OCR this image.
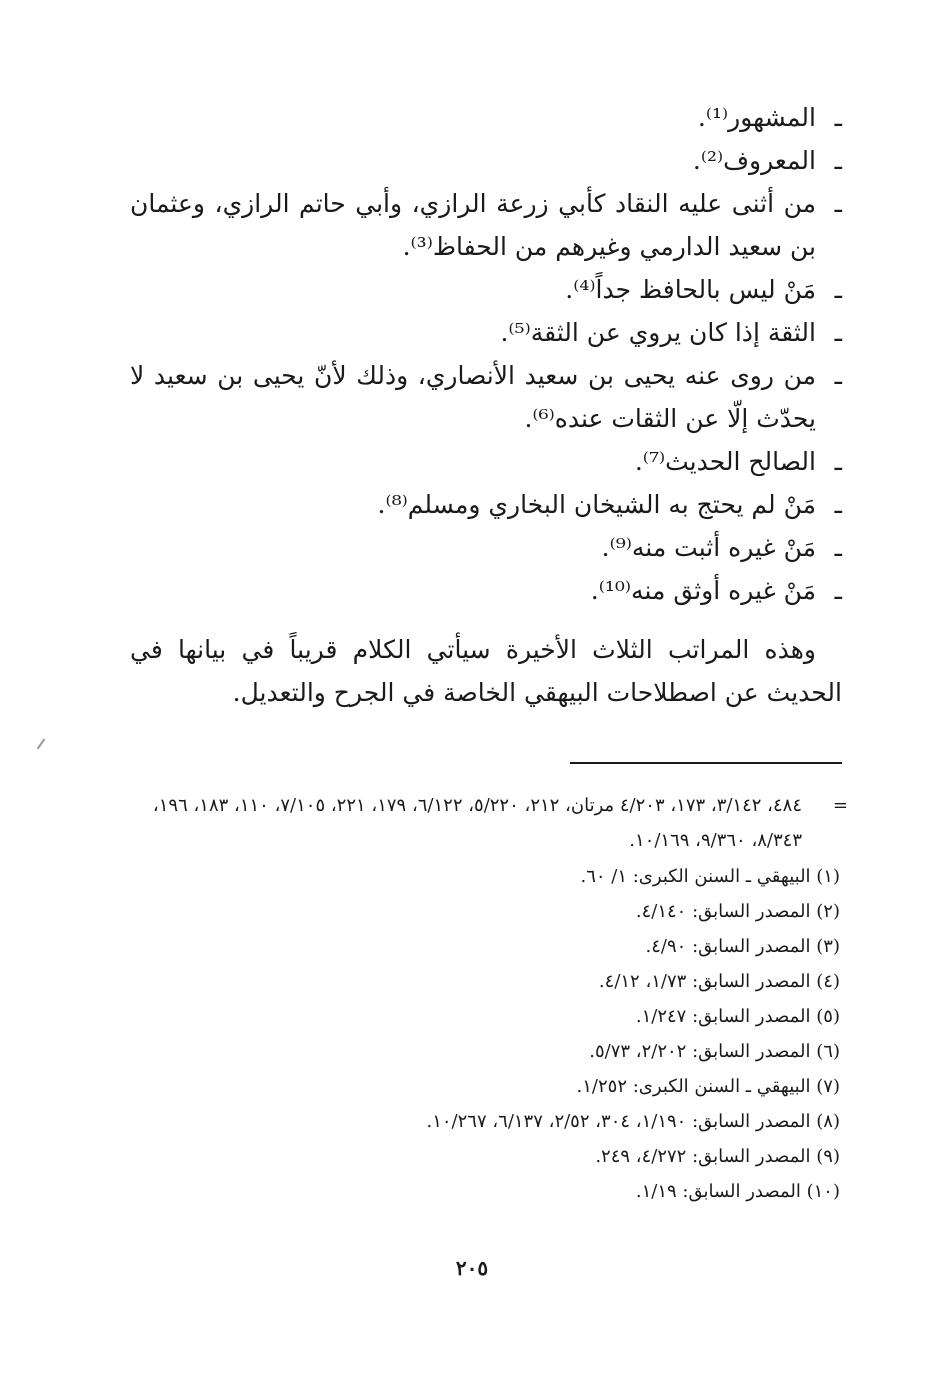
ـ
المشهور⁽¹⁾.
ـ
المعروف⁽²⁾.
ـ
من أثنى عليه النقاد كأبي زرعة الرازي، وأبي حاتم الرازي، وعثمان بن سعيد الدارمي وغيرهم من الحفاظ⁽³⁾.
ـ
مَنْ ليس بالحافظ جداً⁽⁴⁾.
ـ
الثقة إذا كان يروي عن الثقة⁽⁵⁾.
ـ
من روى عنه يحيى بن سعيد الأنصاري، وذلك لأنّ يحيى بن سعيد لا يحدّث إلّا عن الثقات عنده⁽⁶⁾.
ـ
الصالح الحديث⁽⁷⁾.
ـ
مَنْ لم يحتج به الشيخان البخاري ومسلم⁽⁸⁾.
ـ
مَنْ غيره أثبت منه⁽⁹⁾.
ـ
مَنْ غيره أوثق منه⁽¹⁰⁾.

وهذه المراتب الثلاث الأخيرة سيأتي الكلام قريباً في بيانها في الحديث عن اصطلاحات البيهقي الخاصة في الجرح والتعديل.

=
٤٨٤، ٣/١٤٢، ١٧٣، ٤/٢٠٣ مرتان، ٢١٢، ٥/٢٢٠، ٦/١٢٢، ١٧٩، ٢٢١، ٧/١٠٥، ١١٠، ١٨٣، ١٩٦، ٨/٣٤٣، ٩/٣٦٠، ١٠/١٦٩.
(١) البيهقي ـ السنن الكبرى: ١/ ٦٠.
(٢) المصدر السابق: ٤/١٤٠.
(٣) المصدر السابق: ٤/٩٠.
(٤) المصدر السابق: ١/٧٣، ٤/١٢.
(٥) المصدر السابق: ١/٢٤٧.
(٦) المصدر السابق: ٢/٢٠٢، ٥/٧٣.
(٧) البيهقي ـ السنن الكبرى: ١/٢٥٢.
(٨) المصدر السابق: ١/١٩٠، ٣٠٤، ٢/٥٢، ٦/١٣٧، ١٠/٢٦٧.
(٩) المصدر السابق: ٤/٢٧٢، ٢٤٩.
(١٠) المصدر السابق: ١/١٩.
٢٠٥
